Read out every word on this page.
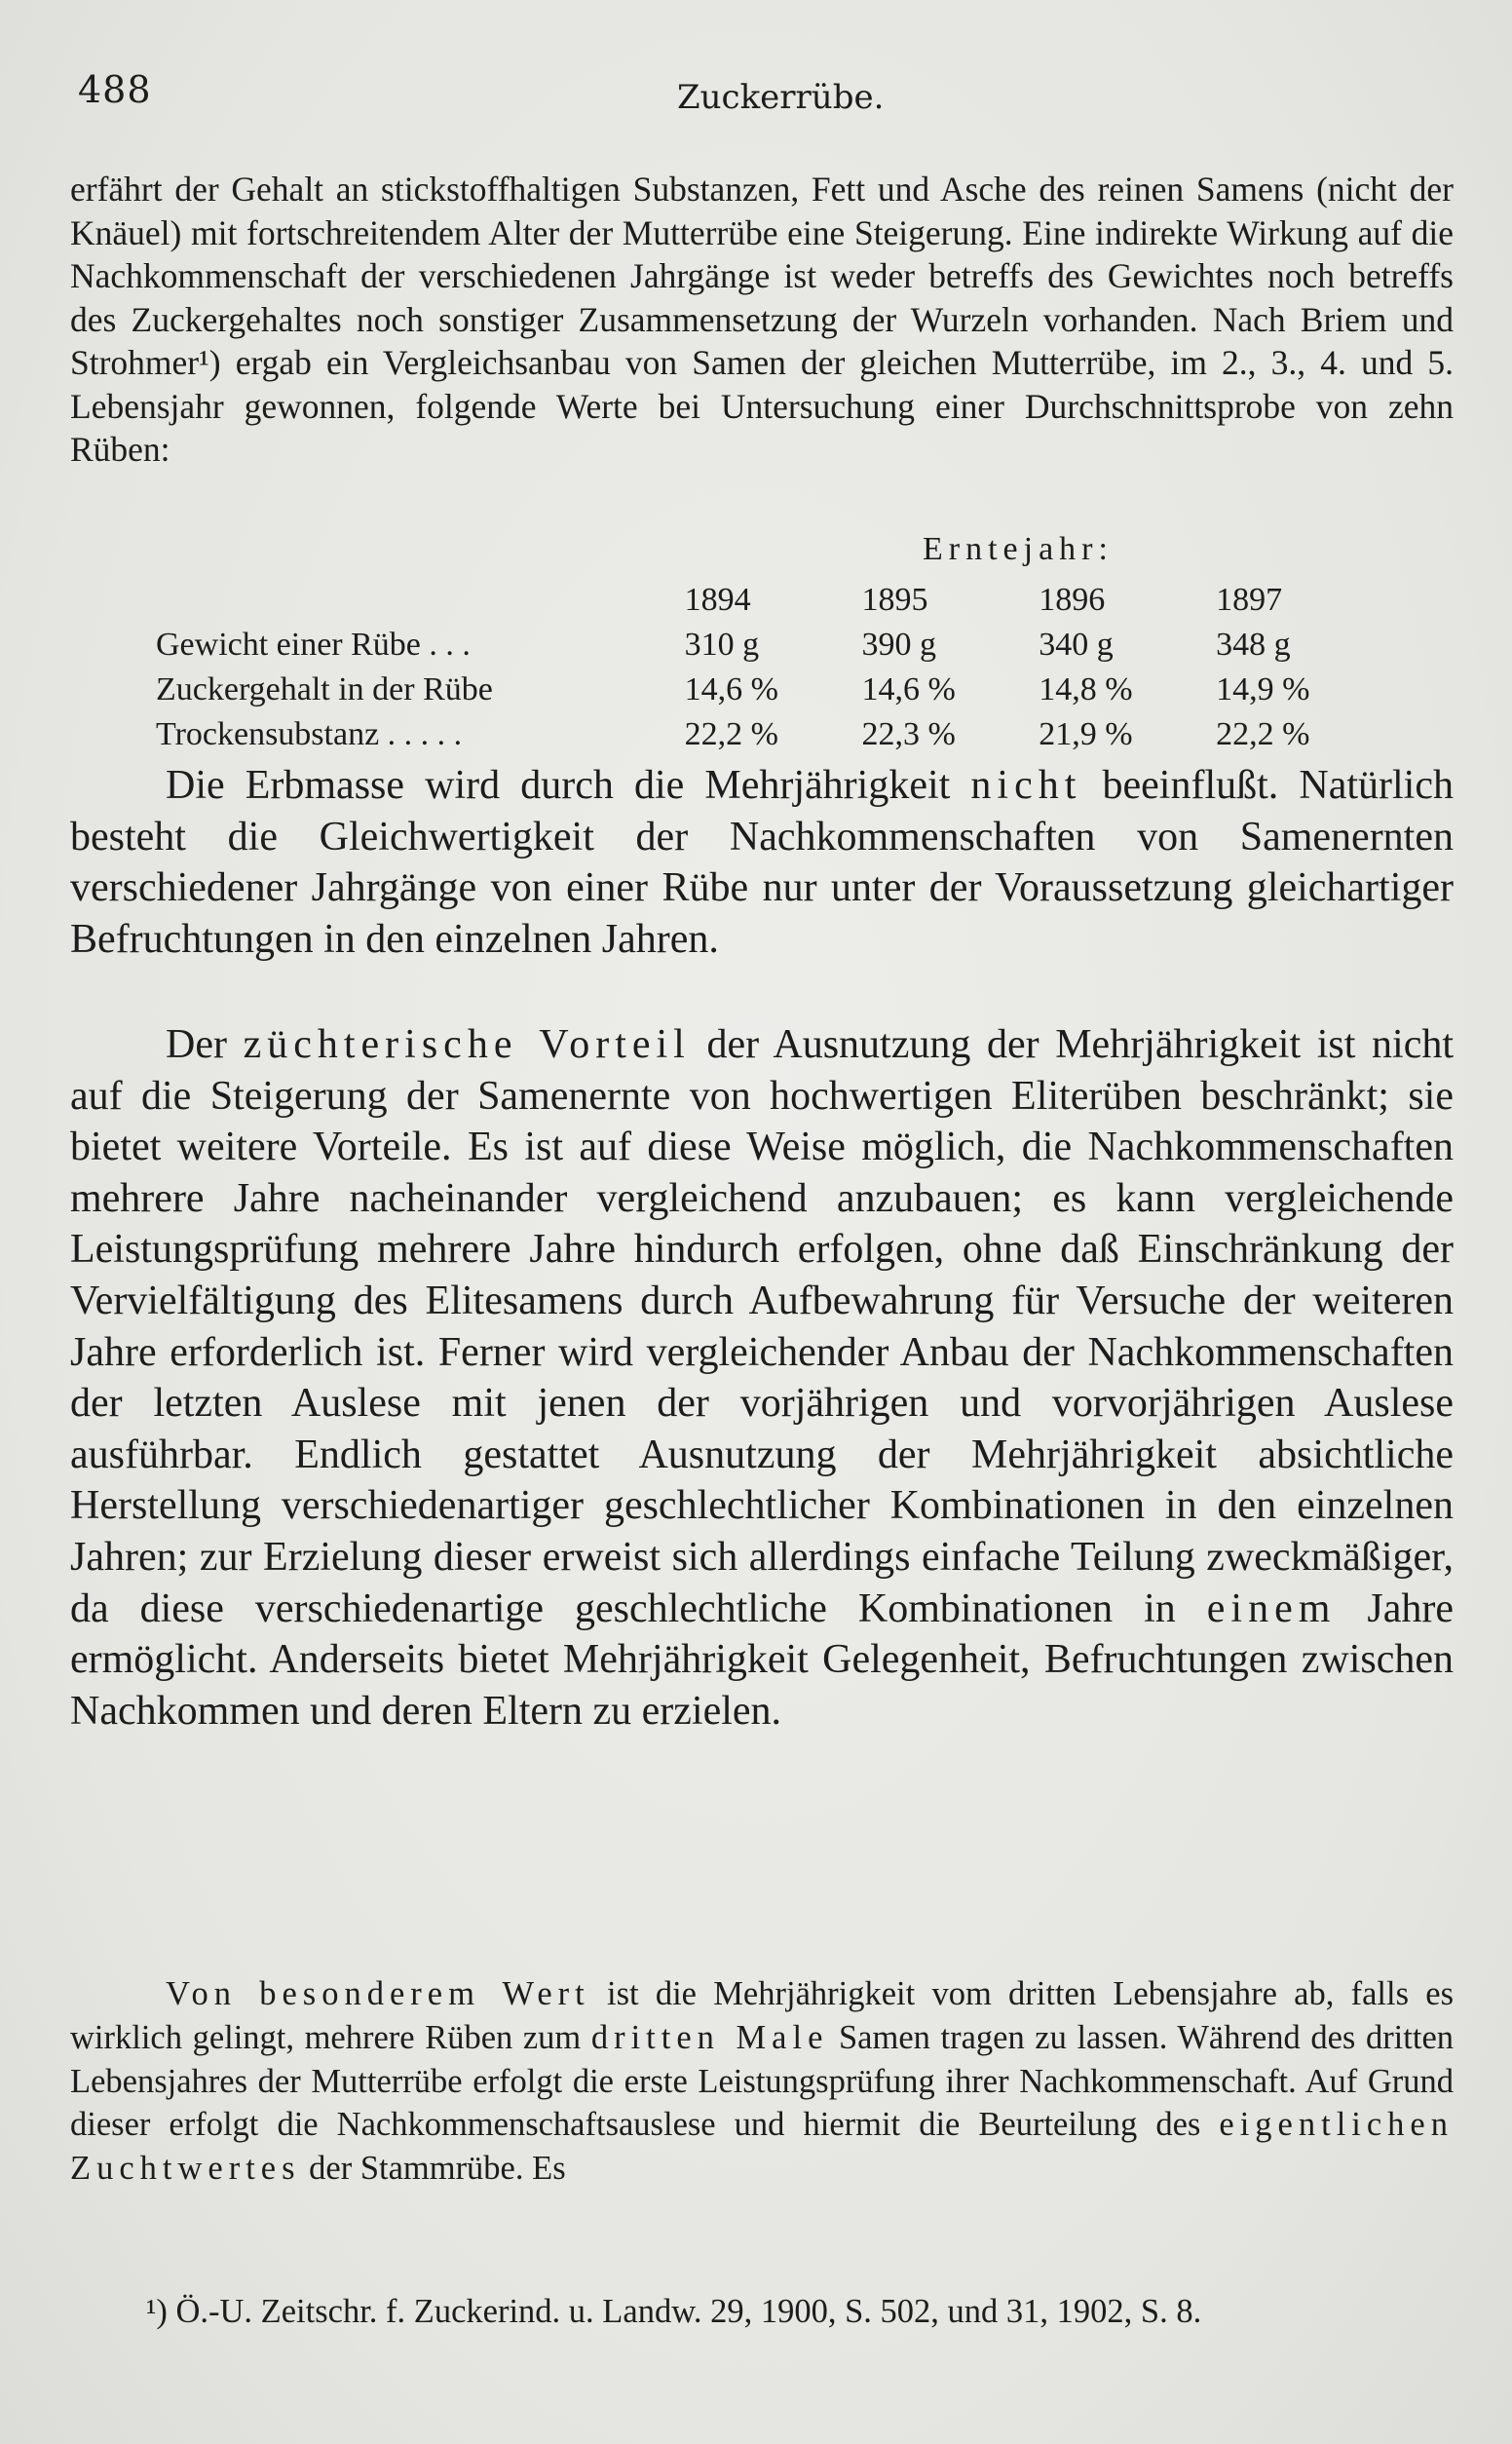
488	Zuckerrübe.

erfährt der Gehalt an stickstoffhaltigen Substanzen, Fett und Asche des reinen Samens (nicht der Knäuel) mit fortschreitendem Alter der Mutterrübe eine Steigerung. Eine indirekte Wirkung auf die Nachkommenschaft der verschiedenen Jahrgänge ist weder betreffs des Gewichtes noch betreffs des Zuckergehaltes noch sonstiger Zusammensetzung der Wurzeln vorhanden. Nach Briem und Strohmer¹) ergab ein Vergleichsanbau von Samen der gleichen Mutterrübe, im 2., 3., 4. und 5. Lebensjahr gewonnen, folgende Werte bei Untersuchung einer Durchschnittsprobe von zehn Rüben:

Erntejahr:
	1894	1895	1896	1897
Gewicht einer Rübe . . .	310 g	390 g	340 g	348 g
Zuckergehalt in der Rübe	14,6 %	14,6 %	14,8 %	14,9 %
Trockensubstanz . . . . .	22,2 %	22,3 %	21,9 %	22,2 %

Die Erbmasse wird durch die Mehrjährigkeit nicht beeinflußt. Natürlich besteht die Gleichwertigkeit der Nachkommenschaften von Samenernten verschiedener Jahrgänge von einer Rübe nur unter der Voraussetzung gleichartiger Befruchtungen in den einzelnen Jahren.

Der züchterische Vorteil der Ausnutzung der Mehrjährigkeit ist nicht auf die Steigerung der Samenernte von hochwertigen Eliterüben beschränkt; sie bietet weitere Vorteile. Es ist auf diese Weise möglich, die Nachkommenschaften mehrere Jahre nacheinander vergleichend anzubauen; es kann vergleichende Leistungsprüfung mehrere Jahre hindurch erfolgen, ohne daß Einschränkung der Vervielfältigung des Elitesamens durch Aufbewahrung für Versuche der weiteren Jahre erforderlich ist. Ferner wird vergleichender Anbau der Nachkommenschaften der letzten Auslese mit jenen der vorjährigen und vorvorjährigen Auslese ausführbar. Endlich gestattet Ausnutzung der Mehrjährigkeit absichtliche Herstellung verschiedenartiger geschlechtlicher Kombinationen in den einzelnen Jahren; zur Erzielung dieser erweist sich allerdings einfache Teilung zweckmäßiger, da diese verschiedenartige geschlechtliche Kombinationen in einem Jahre ermöglicht. Anderseits bietet Mehrjährigkeit Gelegenheit, Befruchtungen zwischen Nachkommen und deren Eltern zu erzielen.

Von besonderem Wert ist die Mehrjährigkeit vom dritten Lebensjahre ab, falls es wirklich gelingt, mehrere Rüben zum dritten Male Samen tragen zu lassen. Während des dritten Lebensjahres der Mutterrübe erfolgt die erste Leistungsprüfung ihrer Nachkommenschaft. Auf Grund dieser erfolgt die Nachkommenschaftsauslese und hiermit die Beurteilung des eigentlichen Zuchtwertes der Stammrübe. Es

¹) Ö.-U. Zeitschr. f. Zuckerind. u. Landw. 29, 1900, S. 502, und 31, 1902, S. 8.
